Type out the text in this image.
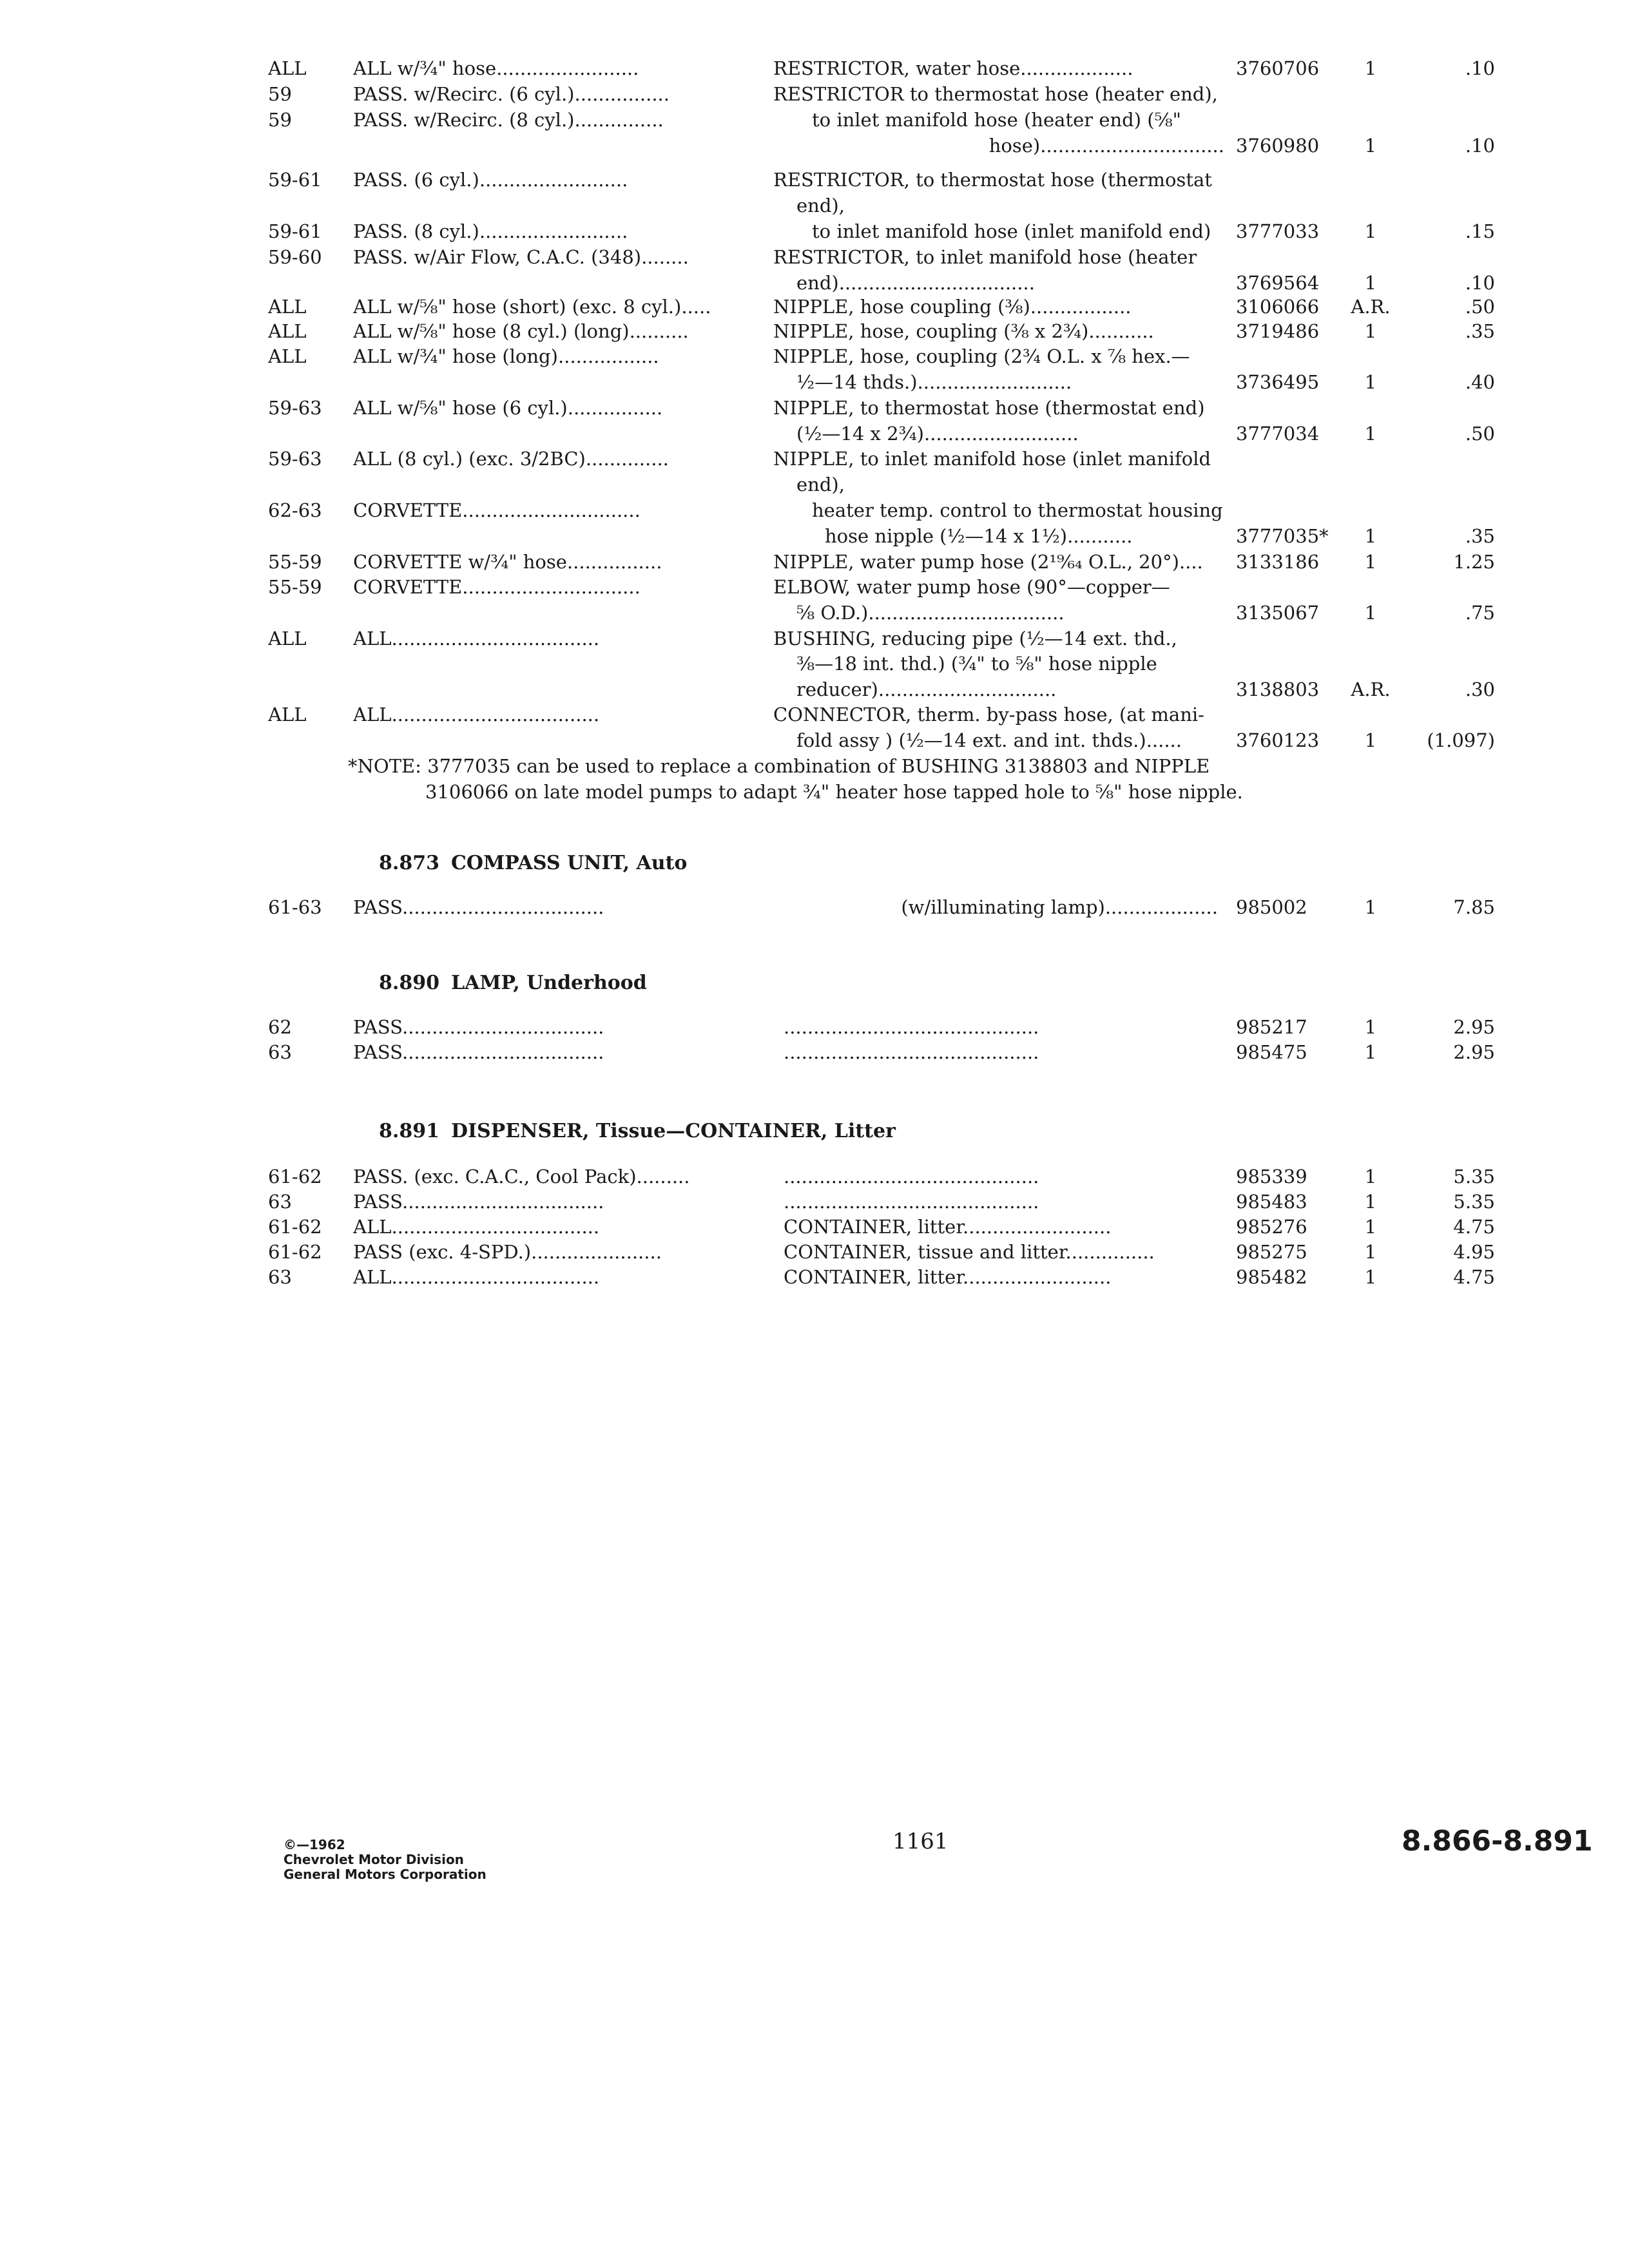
ALL	ALL w/¾" hose........................	RESTRICTOR, water hose...................	3760706	1	.10
59	PASS. w/Recirc. (6 cyl.)................	RESTRICTOR to thermostat hose (heater end),
59	PASS. w/Recirc. (8 cyl.)...............	to inlet manifold hose (heater end) (⅝"
hose)............................... 3760980	1	.10
59-61	PASS. (6 cyl.).........................	RESTRICTOR, to thermostat hose (thermostat
end),
59-61	PASS. (8 cyl.).........................	to inlet manifold hose (inlet manifold end)	3777033	1	.15
59-60	PASS. w/Air Flow, C.A.C. (348)........	RESTRICTOR, to inlet manifold hose (heater
end).................................	3769564	1	.10
ALL	ALL w/⅝" hose (short) (exc. 8 cyl.).....	NIPPLE, hose coupling (⅜).................	3106066	A.R.	.50
ALL	ALL w/⅝" hose (8 cyl.) (long)..........	NIPPLE, hose, coupling (⅜ x 2¾)...........	3719486	1	.35
ALL	ALL w/¾" hose (long).................	NIPPLE, hose, coupling (2¾ O.L. x ⅞ hex.—
½—14 thds.)..........................	3736495	1	.40
59-63	ALL w/⅝" hose (6 cyl.)................	NIPPLE, to thermostat hose (thermostat end)
(½—14 x 2¾)..........................	3777034	1	.50
59-63	ALL (8 cyl.) (exc. 3/2BC)..............	NIPPLE, to inlet manifold hose (inlet manifold
end),
62-63	CORVETTE..............................	heater temp. control to thermostat housing
hose nipple (½—14 x 1½)...........	3777035*	1	.35
55-59	CORVETTE w/¾" hose................	NIPPLE, water pump hose (2¹⁹⁄₆₄ O.L., 20°)....	3133186	1	1.25
55-59	CORVETTE..............................	ELBOW, water pump hose (90°—copper—
⅝ O.D.).................................	3135067	1	.75
ALL	ALL...................................	BUSHING, reducing pipe (½—14 ext. thd.,
⅜—18 int. thd.) (¾" to ⅝" hose nipple
reducer)..............................	3138803	A.R.	.30
ALL	ALL...................................	CONNECTOR, therm. by-pass hose, (at mani-
fold assy ) (½—14 ext. and int. thds.)......	3760123	1	(1.097)
*NOTE: 3777035 can be used to replace a combination of BUSHING 3138803 and NIPPLE
3106066 on late model pumps to adapt ¾" heater hose tapped hole to ⅝" hose nipple.
8.873 COMPASS UNIT, Auto
61-63	PASS..................................	(w/illuminating lamp)................... 985002	1	7.85
8.890 LAMP, Underhood
62	PASS..................................	...........................................	985217	1	2.95
63	PASS..................................	...........................................	985475	1	2.95
8.891 DISPENSER, Tissue—CONTAINER, Litter
61-62	PASS. (exc. C.A.C., Cool Pack).........	...........................................	985339	1	5.35
63	PASS..................................	...........................................	985483	1	5.35
61-62	ALL...................................	CONTAINER, litter.........................	985276	1	4.75
61-62	PASS (exc. 4-SPD.)......................	CONTAINER, tissue and litter...............	985275	1	4.95
63	ALL...................................	CONTAINER, litter.........................	985482	1	4.75
©—1962
Chevrolet Motor Division
General Motors Corporation
1161	8.866-8.891
